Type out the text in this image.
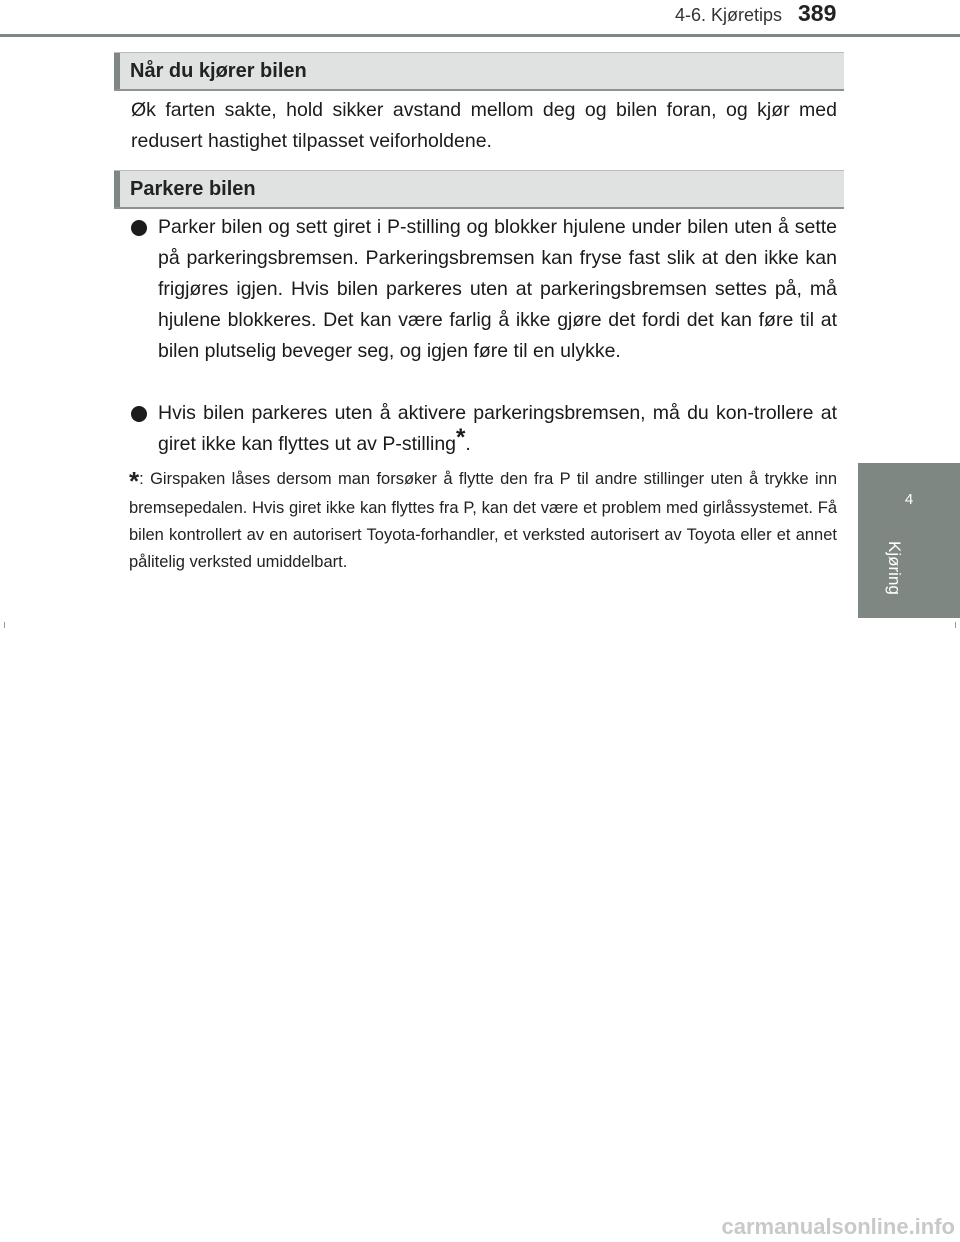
4-6. Kjøretips 389
4
Kjøring
Når du kjører bilen
Øk farten sakte, hold sikker avstand mellom deg og bilen foran, og kjør med redusert hastighet tilpasset veiforholdene.
Parkere bilen
Parker bilen og sett giret i P-stilling og blokker hjulene under bilen uten å sette på parkeringsbremsen. Parkeringsbremsen kan fryse fast slik at den ikke kan frigjøres igjen. Hvis bilen parkeres uten at parkeringsbremsen settes på, må hjulene blokkeres. Det kan være farlig å ikke gjøre det fordi det kan føre til at bilen plutselig beveger seg, og igjen føre til en ulykke.
Hvis bilen parkeres uten å aktivere parkeringsbremsen, må du kon-trollere at giret ikke kan flyttes ut av P-stilling*.
*: Girspaken låses dersom man forsøker å flytte den fra P til andre stillinger uten å trykke inn bremsepedalen. Hvis giret ikke kan flyttes fra P, kan det være et problem med girlåssystemet. Få bilen kontrollert av en autorisert Toyota-forhandler, et verksted autorisert av Toyota eller et annet pålitelig verksted umiddelbart.
carmanualsonline.info
